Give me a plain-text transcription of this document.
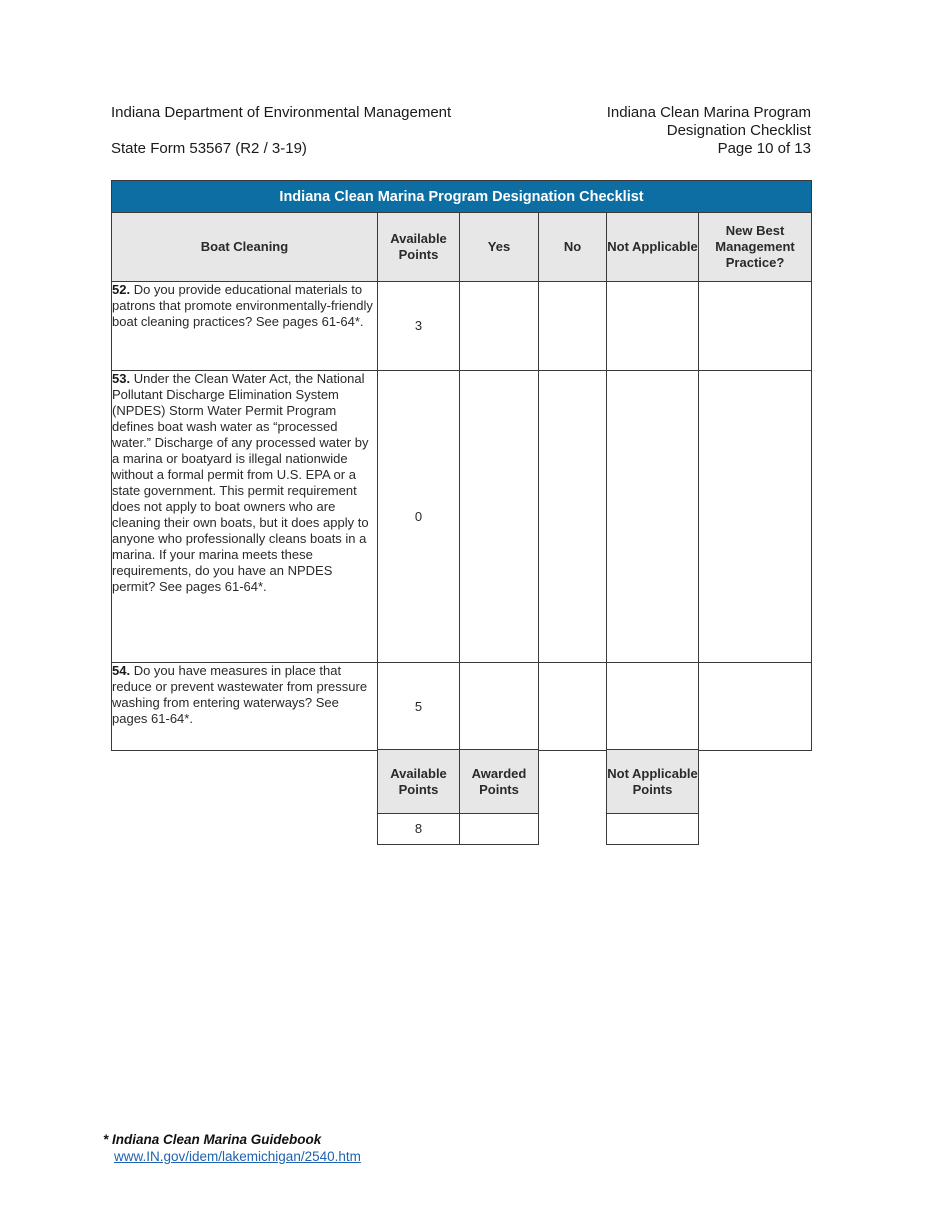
Indiana Department of Environmental Management
State Form 53567 (R2 / 3-19)
Indiana Clean Marina Program
Designation Checklist
Page 10 of 13
Indiana Clean Marina Program Designation Checklist					
Boat Cleaning	Available Points	Yes	No	Not Applicable	New Best Management Practice?
52. Do you provide educational materials to patrons that promote environmentally-friendly boat cleaning practices? See pages 61-64*.	3				
53. Under the Clean Water Act, the National Pollutant Discharge Elimination System (NPDES) Storm Water Permit Program defines boat wash water as “processed water.” Discharge of any processed water by a marina or boatyard is illegal nationwide without a formal permit from U.S. EPA or a state government. This permit requirement does not apply to boat owners who are cleaning their own boats, but it does apply to anyone who professionally cleans boats in a marina. If your marina meets these requirements, do you have an NPDES permit? See pages 61-64*.	0				
54. Do you have measures in place that reduce or prevent wastewater from pressure washing from entering waterways? See pages 61-64*.	5				
Available Points	Awarded Points		Not Applicable Points
8			
* Indiana Clean Marina Guidebook
www.IN.gov/idem/lakemichigan/2540.htm
